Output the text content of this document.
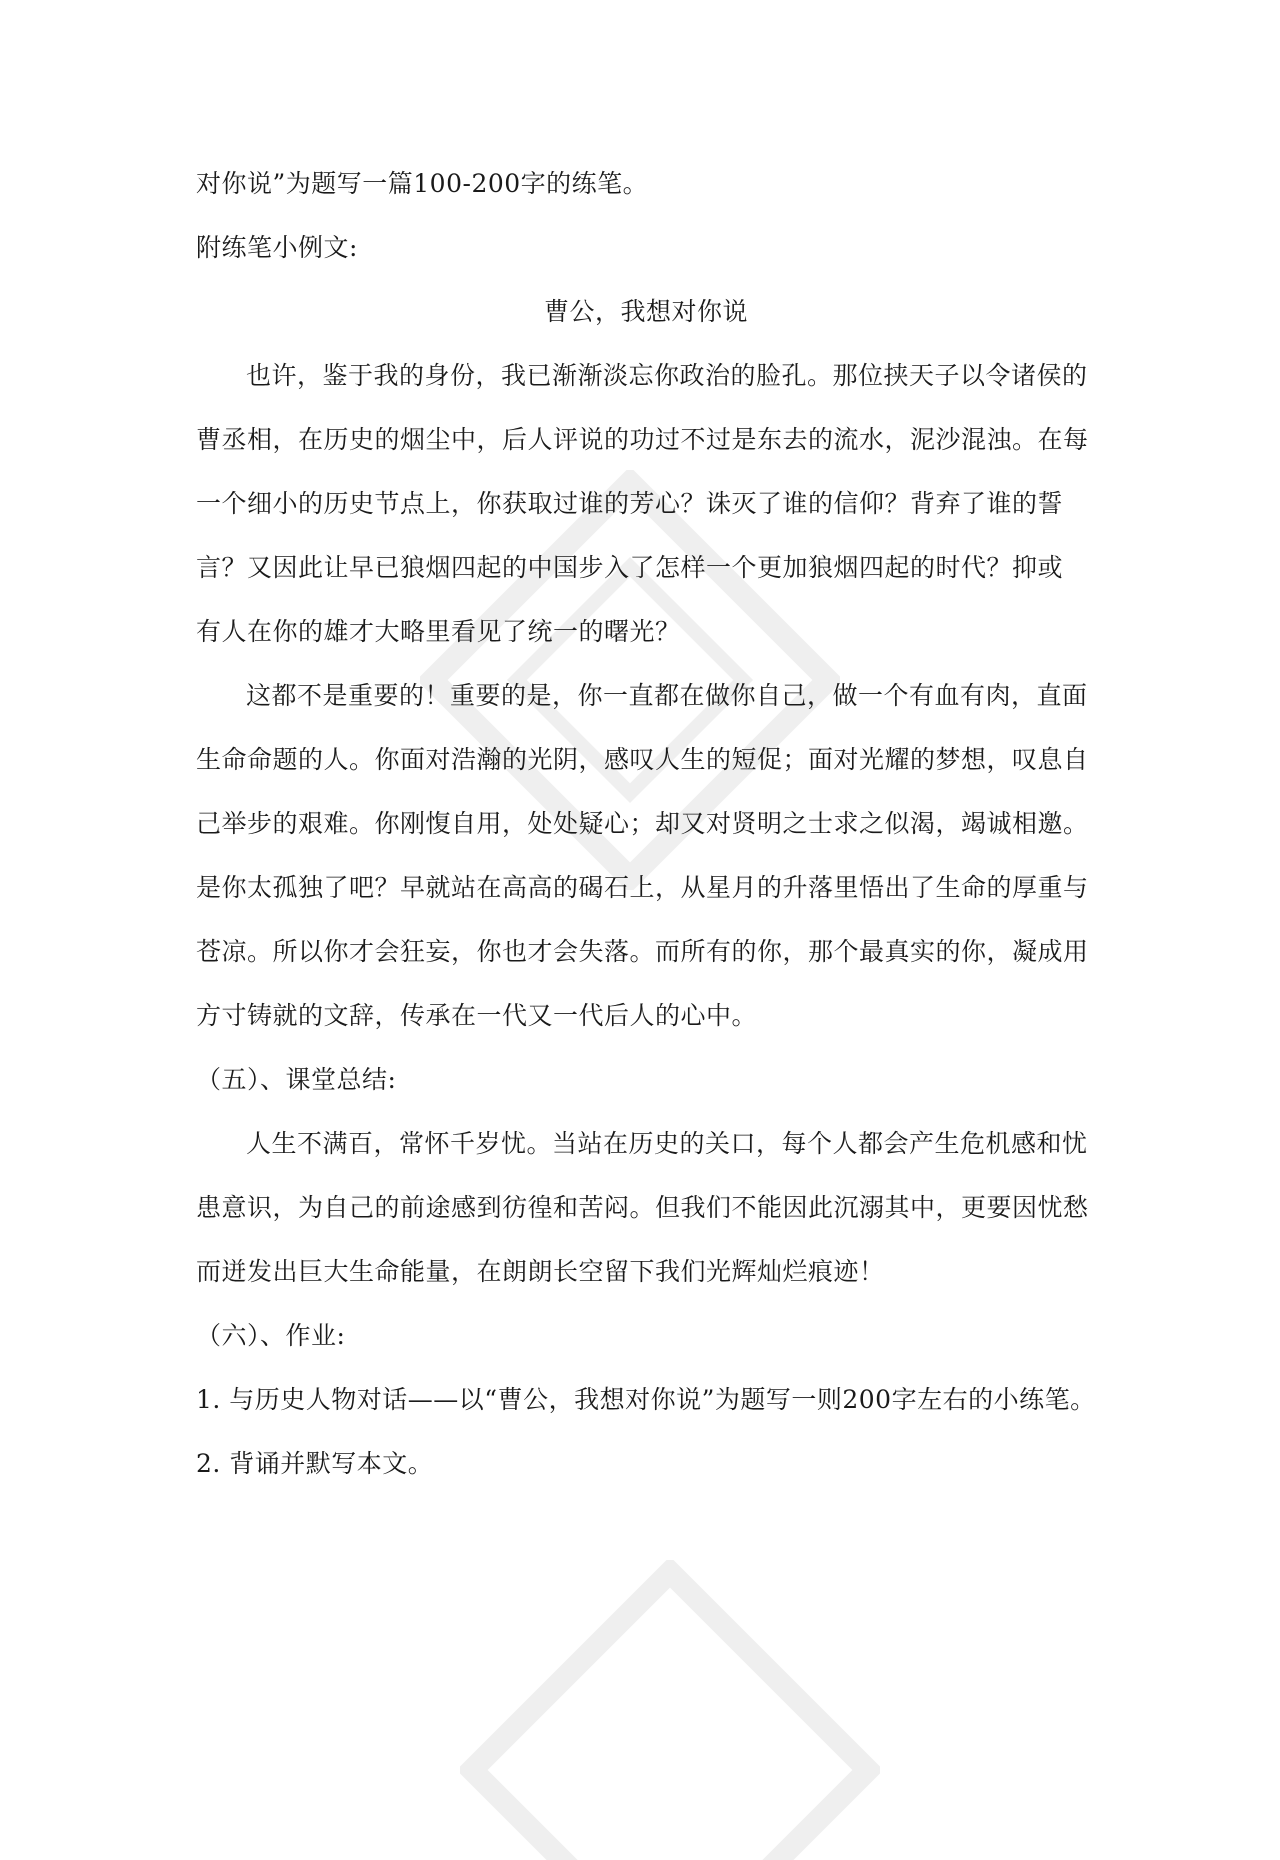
对你说”为题写一篇100-200字的练笔。
附练笔小例文:
曹公，我想对你说
也许，鉴于我的身份，我已渐渐淡忘你政治的脸孔。那位挟天子以令诸侯的
曹丞相，在历史的烟尘中，后人评说的功过不过是东去的流水，泥沙混浊。在每
一个细小的历史节点上，你获取过谁的芳心？诛灭了谁的信仰？背弃了谁的誓
言？又因此让早已狼烟四起的中国步入了怎样一个更加狼烟四起的时代？抑或
有人在你的雄才大略里看见了统一的曙光？
这都不是重要的！重要的是，你一直都在做你自己，做一个有血有肉，直面
生命命题的人。你面对浩瀚的光阴，感叹人生的短促；面对光耀的梦想，叹息自
己举步的艰难。你刚愎自用，处处疑心；却又对贤明之士求之似渴，竭诚相邀。
是你太孤独了吧？早就站在高高的碣石上，从星月的升落里悟出了生命的厚重与
苍凉。所以你才会狂妄，你也才会失落。而所有的你，那个最真实的你，凝成用
方寸铸就的文辞，传承在一代又一代后人的心中。
（五）、课堂总结:
人生不满百，常怀千岁忧。当站在历史的关口，每个人都会产生危机感和忧
患意识，为自己的前途感到彷徨和苦闷。但我们不能因此沉溺其中，更要因忧愁
而迸发出巨大生命能量，在朗朗长空留下我们光辉灿烂痕迹！
（六）、作业:
1. 与历史人物对话——以“曹公，我想对你说”为题写一则200字左右的小练笔。
2. 背诵并默写本文。
